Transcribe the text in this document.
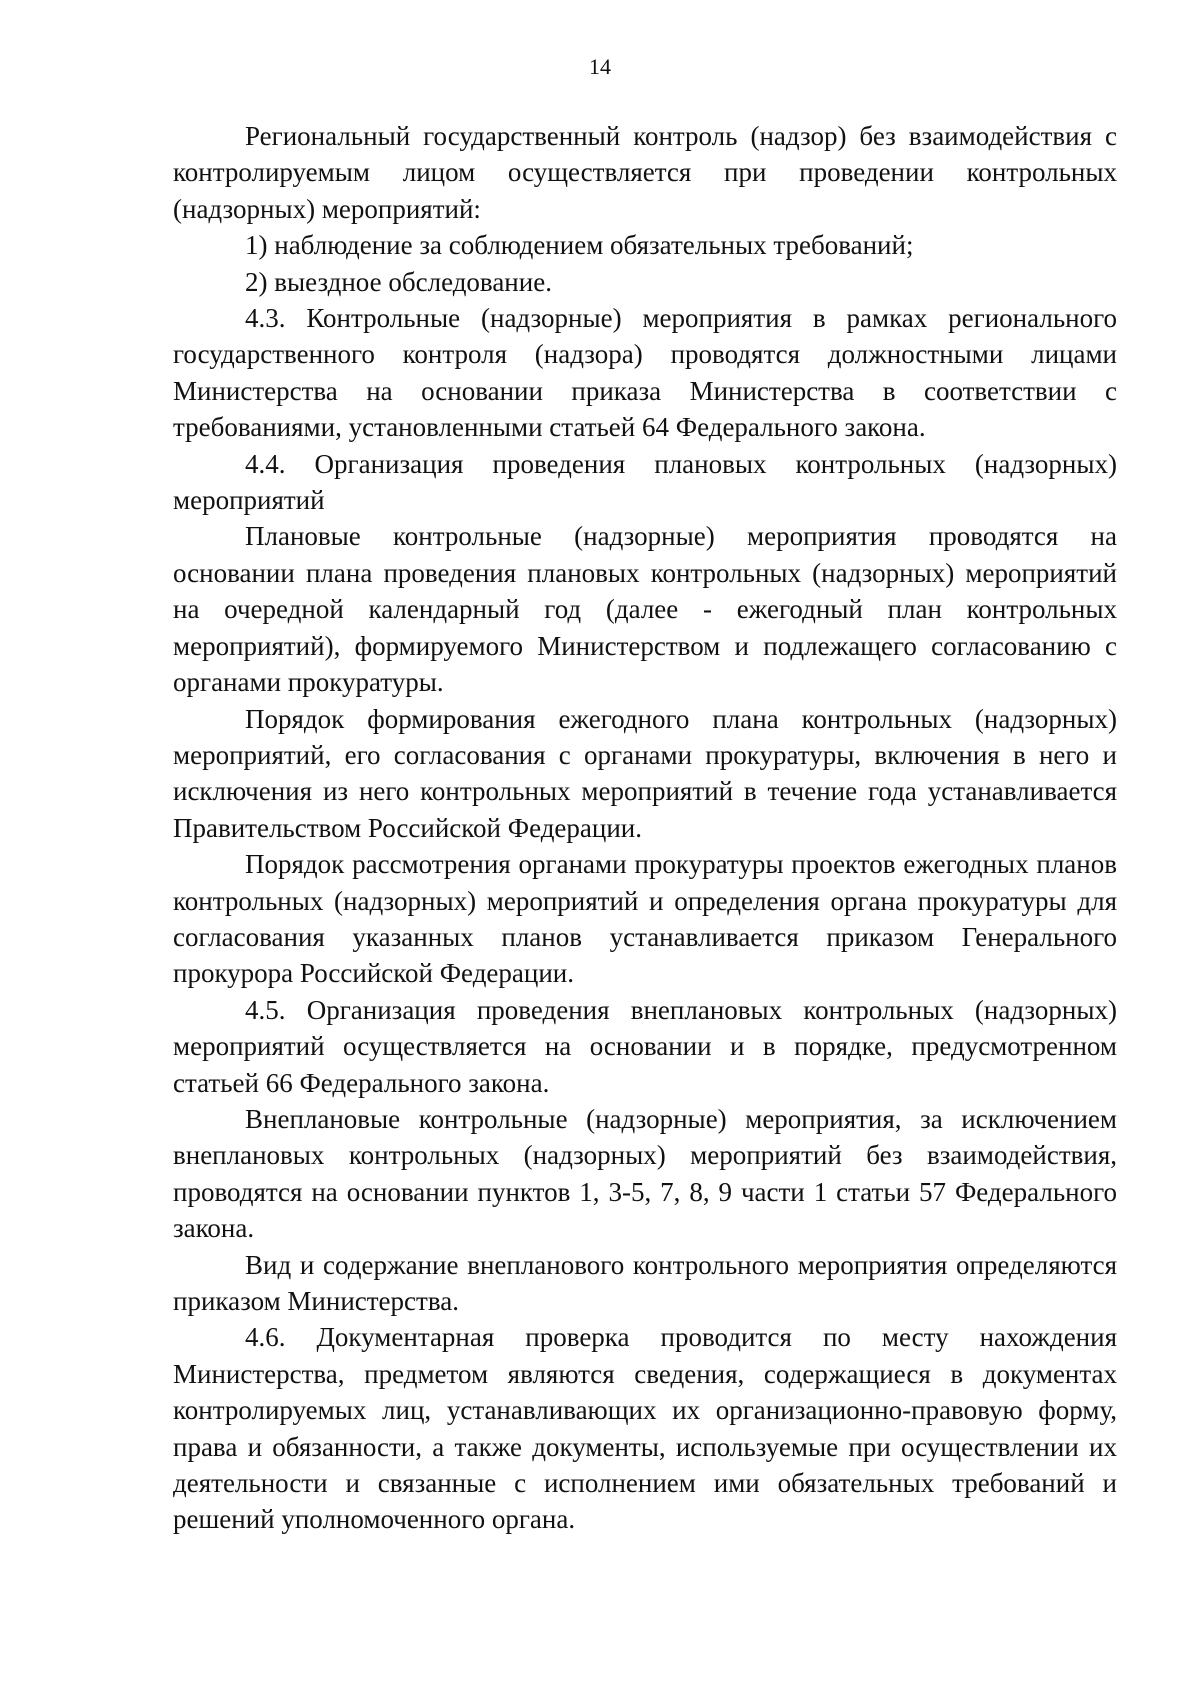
14

Региональный государственный контроль (надзор) без взаимодействия с контролируемым лицом осуществляется при проведении контрольных (надзорных) мероприятий:

1) наблюдение за соблюдением обязательных требований;

2) выездное обследование.

4.3. Контрольные (надзорные) мероприятия в рамках регионального государственного контроля (надзора) проводятся должностными лицами Министерства на основании приказа Министерства в соответствии с требованиями, установленными статьей 64 Федерального закона.

4.4. Организация проведения плановых контрольных (надзорных) мероприятий

Плановые контрольные (надзорные) мероприятия проводятся на основании плана проведения плановых контрольных (надзорных) мероприятий на очередной календарный год (далее - ежегодный план контрольных мероприятий), формируемого Министерством и подлежащего согласованию с органами прокуратуры.

Порядок формирования ежегодного плана контрольных (надзорных) мероприятий, его согласования с органами прокуратуры, включения в него и исключения из него контрольных мероприятий в течение года устанавливается Правительством Российской Федерации.

Порядок рассмотрения органами прокуратуры проектов ежегодных планов контрольных (надзорных) мероприятий и определения органа прокуратуры для согласования указанных планов устанавливается приказом Генерального прокурора Российской Федерации.

4.5. Организация проведения внеплановых контрольных (надзорных) мероприятий осуществляется на основании и в порядке, предусмотренном статьей 66 Федерального закона.

Внеплановые контрольные (надзорные) мероприятия, за исключением внеплановых контрольных (надзорных) мероприятий без взаимодействия, проводятся на основании пунктов 1, 3-5, 7, 8, 9 части 1 статьи 57 Федерального закона.

Вид и содержание внепланового контрольного мероприятия определяются приказом Министерства.

4.6. Документарная проверка проводится по месту нахождения Министерства, предметом являются сведения, содержащиеся в документах контролируемых лиц, устанавливающих их организационно-правовую форму, права и обязанности, а также документы, используемые при осуществлении их деятельности и связанные с исполнением ими обязательных требований и решений уполномоченного органа.
